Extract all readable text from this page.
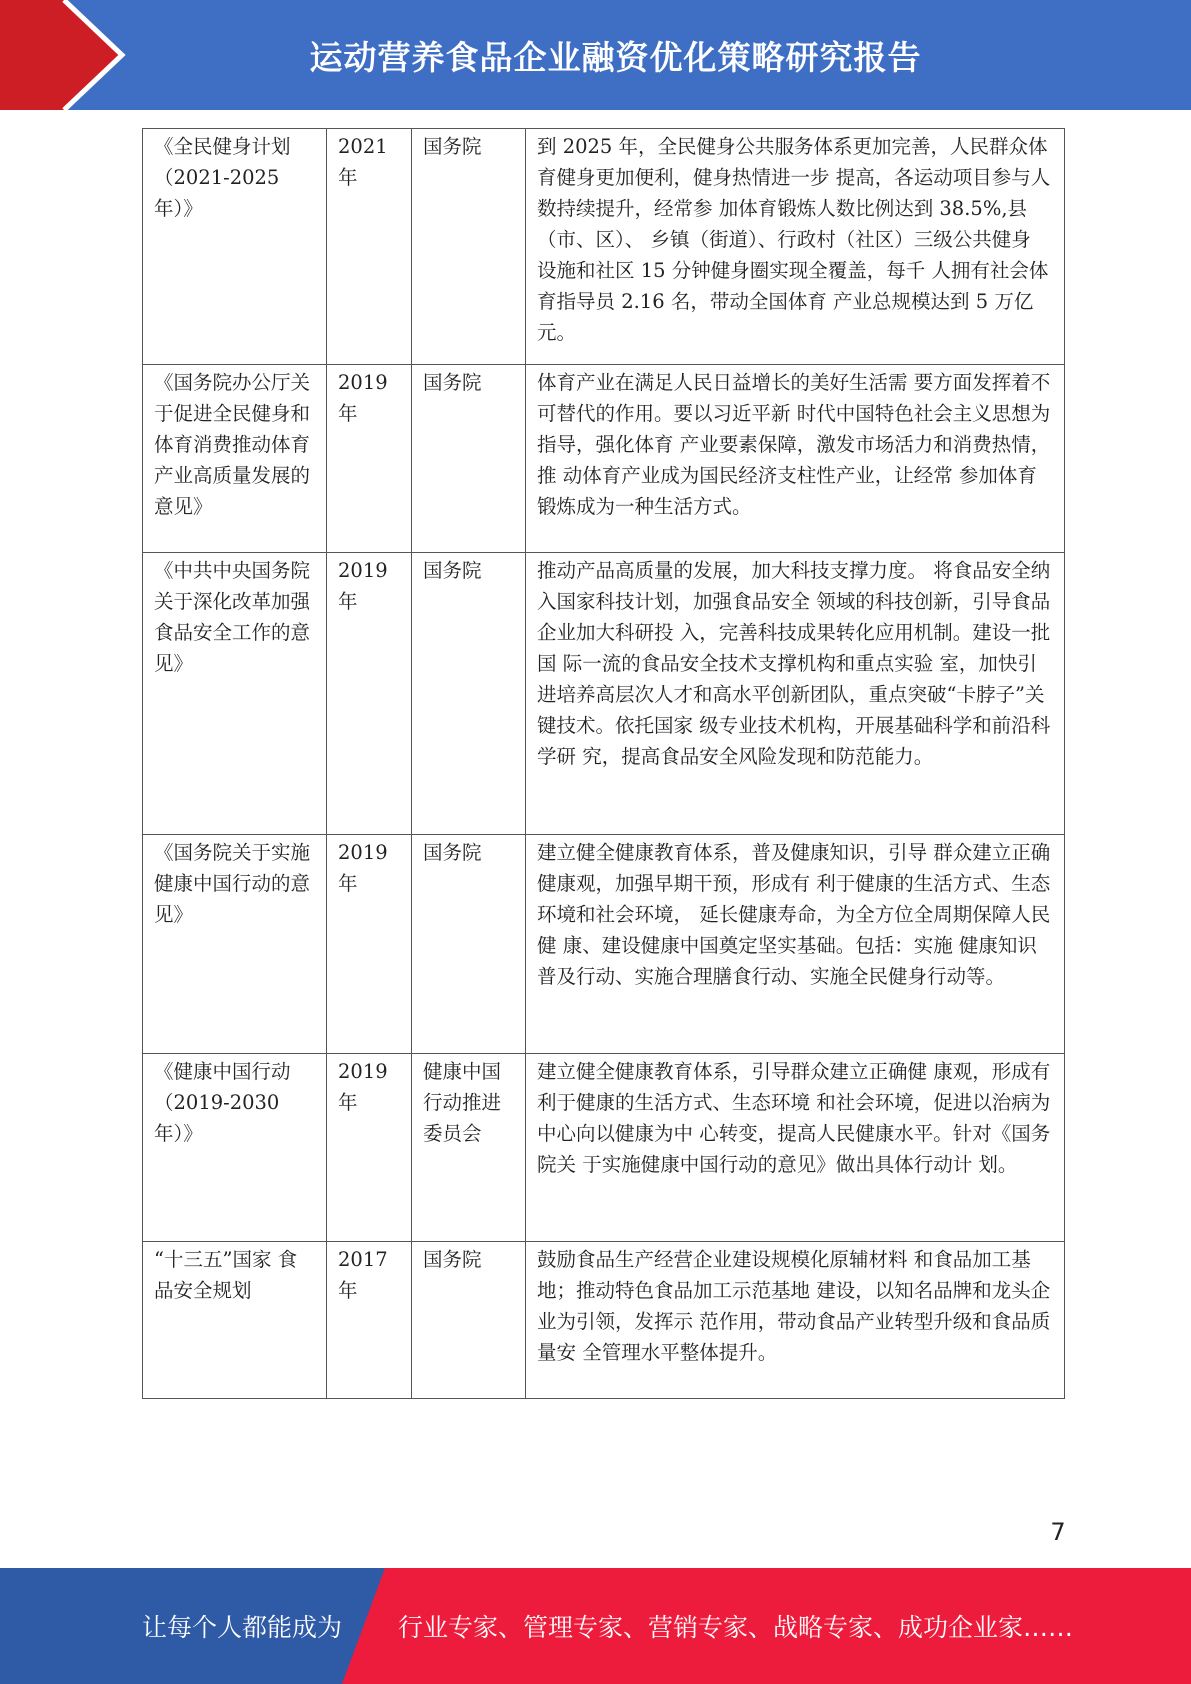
运动营养食品企业融资优化策略研究报告
《全民健身计划（2021-2025年）》	2021年	国务院	到 2025 年，全民健身公共服务体系更加完善，人民群众体育健身更加便利，健身热情进一步 提高，各运动项目参与人数持续提升，经常参 加体育锻炼人数比例达到 38.5%,县（市、区）、 乡镇（街道）、行政村（社区）三级公共健身 设施和社区 15 分钟健身圈实现全覆盖，每千 人拥有社会体育指导员 2.16 名，带动全国体育 产业总规模达到 5 万亿元。
《国务院办公厅关于促进全民健身和体育消费推动体育产业高质量发展的意见》	2019年	国务院	体育产业在满足人民日益增长的美好生活需 要方面发挥着不可替代的作用。要以习近平新 时代中国特色社会主义思想为指导，强化体育 产业要素保障，激发市场活力和消费热情，推 动体育产业成为国民经济支柱性产业，让经常 参加体育锻炼成为一种生活方式。
《中共中央国务院关于深化改革加强食品安全工作的意见》	2019年	国务院	推动产品高质量的发展，加大科技支撑力度。 将食品安全纳入国家科技计划，加强食品安全 领域的科技创新，引导食品企业加大科研投 入，完善科技成果转化应用机制。建设一批国 际一流的食品安全技术支撑机构和重点实验 室，加快引进培养高层次人才和高水平创新团队，重点突破“卡脖子”关键技术。依托国家 级专业技术机构，开展基础科学和前沿科学研 究，提高食品安全风险发现和防范能力。
《国务院关于实施健康中国行动的意见》	2019年	国务院	建立健全健康教育体系，普及健康知识，引导 群众建立正确健康观，加强早期干预，形成有 利于健康的生活方式、生态环境和社会环境， 延长健康寿命，为全方位全周期保障人民健 康、建设健康中国奠定坚实基础。包括：实施 健康知识普及行动、实施合理膳食行动、实施全民健身行动等。
《健康中国行动（2019-2030年）》	2019年	健康中国行动推进委员会	建立健全健康教育体系，引导群众建立正确健 康观，形成有利于健康的生活方式、生态环境 和社会环境，促进以治病为中心向以健康为中 心转变，提高人民健康水平。针对《国务院关 于实施健康中国行动的意见》做出具体行动计 划。
“十三五”国家 食品安全规划	2017年	国务院	鼓励食品生产经营企业建设规模化原辅材料 和食品加工基地；推动特色食品加工示范基地 建设，以知名品牌和龙头企业为引领，发挥示 范作用，带动食品产业转型升级和食品质量安 全管理水平整体提升。
7
让每个人都能成为 行业专家、管理专家、营销专家、战略专家、成功企业家……
